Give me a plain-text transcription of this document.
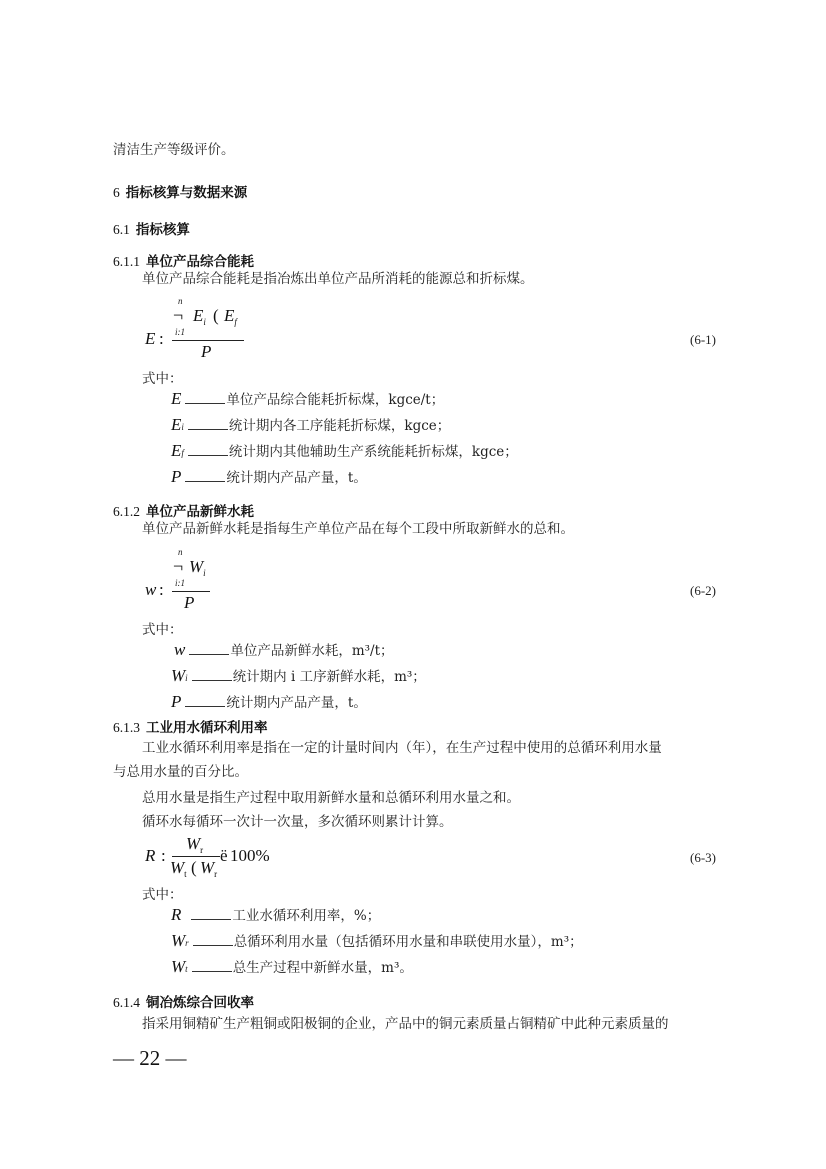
清洁生产等级评价。
6 指标核算与数据来源
6.1 指标核算
6.1.1 单位产品综合能耗
单位产品综合能耗是指冶炼出单位产品所消耗的能源总和折标煤。
n
¬ $E_i$ ( $E_f$
i:1
E :
P
(6-1)
式中：
E	单位产品综合能耗折标煤，kgce/t；
E i	统计期内各工序能耗折标煤，kgce；
E f	统计期内其他辅助生产系统能耗折标煤，kgce；
P	统计期内产品产量，t。
6.1.2 单位产品新鲜水耗
单位产品新鲜水耗是指每生产单位产品在每个工段中所取新鲜水的总和。
n
¬ $W_i$
i:1
w :
P
(6-2)
式中：
w	单位产品新鲜水耗，m³/t；
W i	统计期内 i 工序新鲜水耗，m³；
P	统计期内产品产量，t。
6.1.3 工业用水循环利用率
工业水循环利用率是指在一定的计量时间内（年），在生产过程中使用的总循环利用水量
与总用水量的百分比。
总用水量是指生产过程中取用新鲜水量和总循环利用水量之和。
循环水每循环一次计一次量，多次循环则累计计算。
$W_r$
R :	ë 100%
$W_t$ ( $W_r$
(6-3)
式中：
R	工业水循环利用率，%；
W r	总循环利用水量（包括循环用水量和串联使用水量），m³；
W t	总生产过程中新鲜水量，m³。
6.1.4 铜冶炼综合回收率
指采用铜精矿生产粗铜或阳极铜的企业，产品中的铜元素质量占铜精矿中此种元素质量的
— 22 —
